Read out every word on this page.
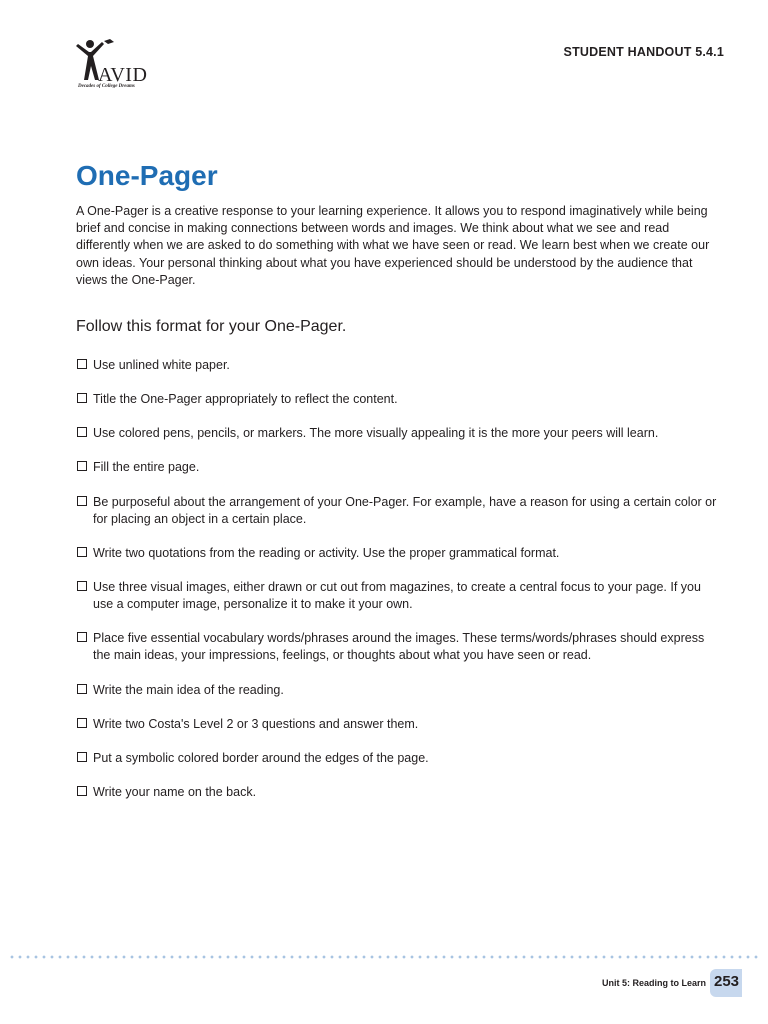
AVID
Decades of College Dreams
STUDENT HANDOUT 5.4.1
One-Pager

A One-Pager is a creative response to your learning experience. It allows you to respond imaginatively while being brief and concise in making connections between words and images. We think about what we see and read differently when we are asked to do something with what we have seen or read. We learn best when we create our own ideas. Your personal thinking about what you have experienced should be understood by the audience that views the One-Pager.

Follow this format for your One-Pager.
Use unlined white paper.
Title the One-Pager appropriately to reflect the content.
Use colored pens, pencils, or markers. The more visually appealing it is the more your peers will learn.
Fill the entire page.
Be purposeful about the arrangement of your One-Pager. For example, have a reason for using a certain color or for placing an object in a certain place.
Write two quotations from the reading or activity. Use the proper grammatical format.
Use three visual images, either drawn or cut out from magazines, to create a central focus to your page. If you use a computer image, personalize it to make it your own.
Place five essential vocabulary words/phrases around the images. These terms/words/phrases should express the main ideas, your impressions, feelings, or thoughts about what you have seen or read.
Write the main idea of the reading.
Write two Costa's Level 2 or 3 questions and answer them.
Put a symbolic colored border around the edges of the page.
Write your name on the back.
Unit 5: Reading to Learn 253
